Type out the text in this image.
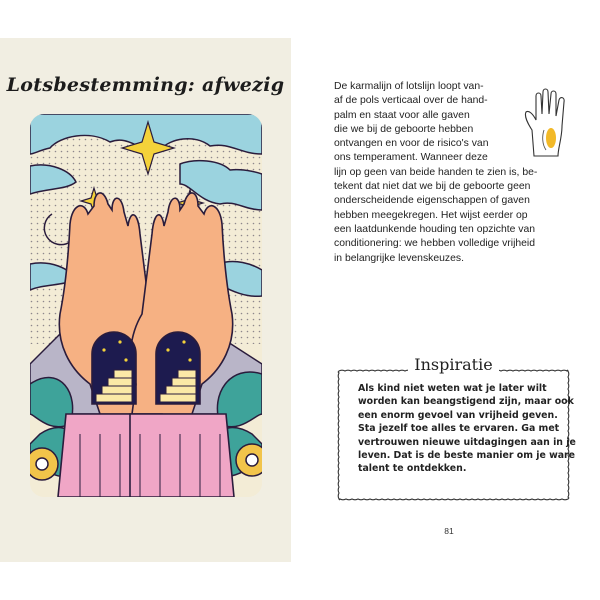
Lotsbestemming: afwezig	De karmalijn of lotslijn loopt van-
af de pols verticaal over de hand-
palm en staat voor alle gaven
die we bij de geboorte hebben
ontvangen en voor de risico's van
ons temperament. Wanneer deze
lijn op geen van beide handen te zien is, be-
tekent dat niet dat we bij de geboorte geen
onderscheidende eigenschappen of gaven
hebben meegekregen. Het wijst eerder op
een laatdunkende houding ten opzichte van
conditionering: we hebben volledige vrijheid
in belangrijke levenskeuzes.

Inspiratie

Als kind niet weten wat je later wilt
worden kan beangstigend zijn, maar ook
een enorm gevoel van vrijheid geven.
Sta jezelf toe alles te ervaren. Ga met
vertrouwen nieuwe uitdagingen aan in je
leven. Dat is de beste manier om je ware
talent te ontdekken.

81
